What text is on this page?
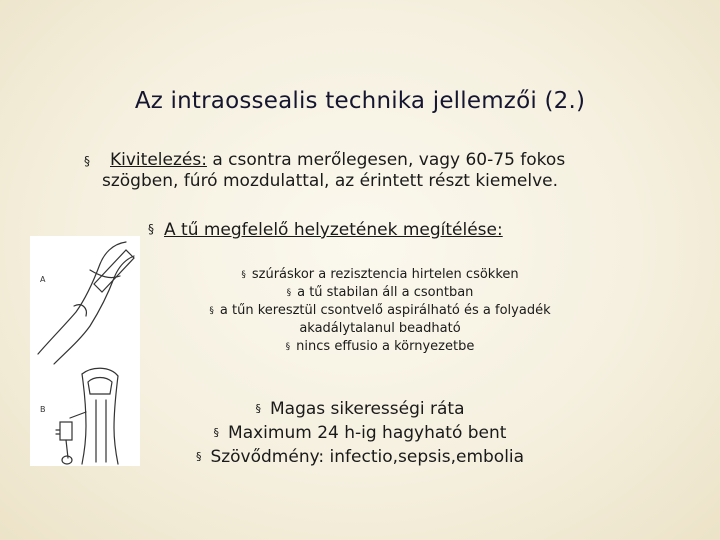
Az intraossealis technika jellemzői (2.)
§ Kivitelezés: a csontra merőlegesen, vagy 60-75 fokos
szögben, fúró mozdulattal, az érintett részt kiemelve.
§ A tű megfelelő helyzetének megítélése:
§ szúráskor a rezisztencia hirtelen csökken
§ a tű stabilan áll a csontban
§ a tűn keresztül csontvelő aspirálható és a folyadék
akadálytalanul beadható
§ nincs effusio a környezetbe
§ Magas sikerességi ráta
§ Maximum 24 h-ig hagyható bent
§ Szövődmény: infectio,sepsis,embolia
A
B
